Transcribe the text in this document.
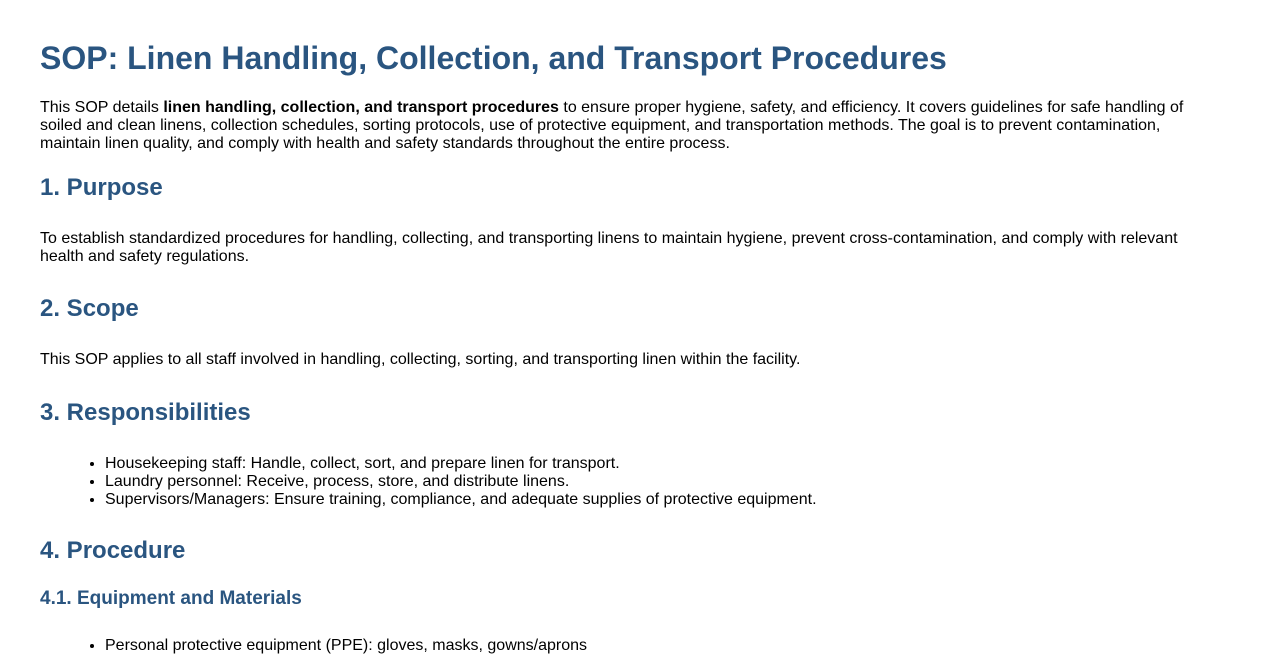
SOP: Linen Handling, Collection, and Transport Procedures

This SOP details linen handling, collection, and transport procedures to ensure proper hygiene, safety, and efficiency. It covers guidelines for safe handling of soiled and clean linens, collection schedules, sorting protocols, use of protective equipment, and transportation methods. The goal is to prevent contamination, maintain linen quality, and comply with health and safety standards throughout the entire process.

1. Purpose

To establish standardized procedures for handling, collecting, and transporting linens to maintain hygiene, prevent cross-contamination, and comply with relevant health and safety regulations.

2. Scope

This SOP applies to all staff involved in handling, collecting, sorting, and transporting linen within the facility.

3. Responsibilities
• Housekeeping staff: Handle, collect, sort, and prepare linen for transport.
• Laundry personnel: Receive, process, store, and distribute linens.
• Supervisors/Managers: Ensure training, compliance, and adequate supplies of protective equipment.
4. Procedure
4.1. Equipment and Materials
• Personal protective equipment (PPE): gloves, masks, gowns/aprons
